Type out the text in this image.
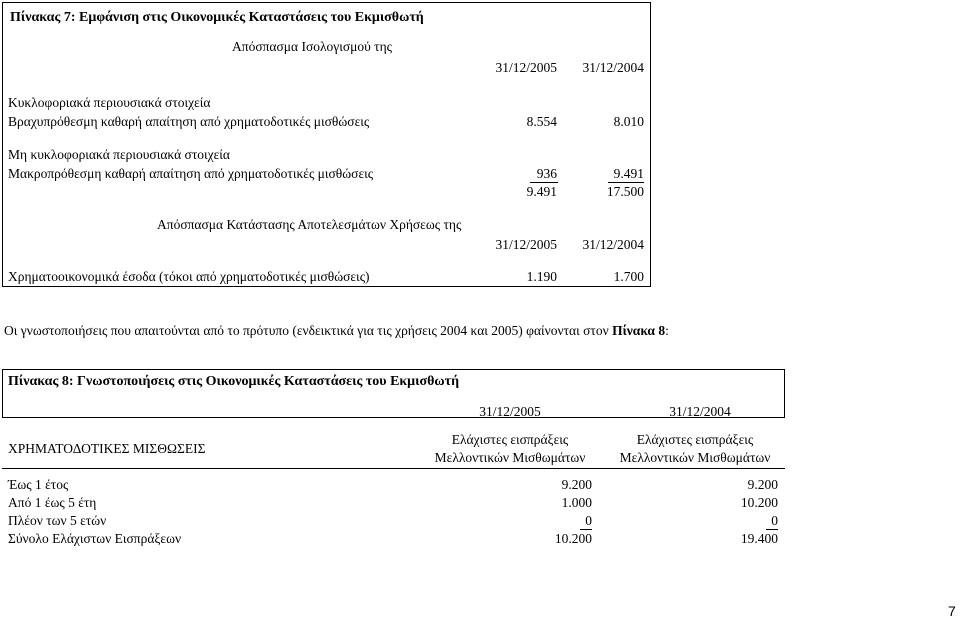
Πίνακας 7: Εμφάνιση στις Οικονομικές Καταστάσεις του Εκμισθωτή
Απόσπασμα Ισολογισμού της
31/12/2005	31/12/2004
Κυκλοφοριακά περιουσιακά στοιχεία
Βραχυπρόθεσμη καθαρή απαίτηση από χρηματοδοτικές μισθώσεις	8.554	8.010
Μη κυκλοφοριακά περιουσιακά στοιχεία
Μακροπρόθεσμη καθαρή απαίτηση από χρηματοδοτικές μισθώσεις	936	9.491
9.491	17.500
Απόσπασμα Κατάστασης Αποτελεσμάτων Χρήσεως της
31/12/2005	31/12/2004
Χρηματοοικονομικά έσοδα (τόκοι από χρηματοδοτικές μισθώσεις)	1.190	1.700
Οι γνωστοποιήσεις που απαιτούνται από το πρότυπο (ενδεικτικά για τις χρήσεις 2004 και 2005) φαίνονται στον Πίνακα 8:
Πίνακας 8: Γνωστοποιήσεις στις Οικονομικές Καταστάσεις του Εκμισθωτή
31/12/2005	31/12/2004
ΧΡΗΜΑΤΟΔΟΤΙΚΕΣ ΜΙΣΘΩΣΕΙΣ
Ελάχιστες εισπράξεις
Μελλοντικών Μισθωμάτων
Ελάχιστες εισπράξεις
Μελλοντικών Μισθωμάτων
Έως 1 έτος	9.200	9.200
Από 1 έως 5 έτη	1.000	10.200
Πλέον των 5 ετών	0	0
Σύνολο Ελάχιστων Εισπράξεων	10.200	19.400
7
